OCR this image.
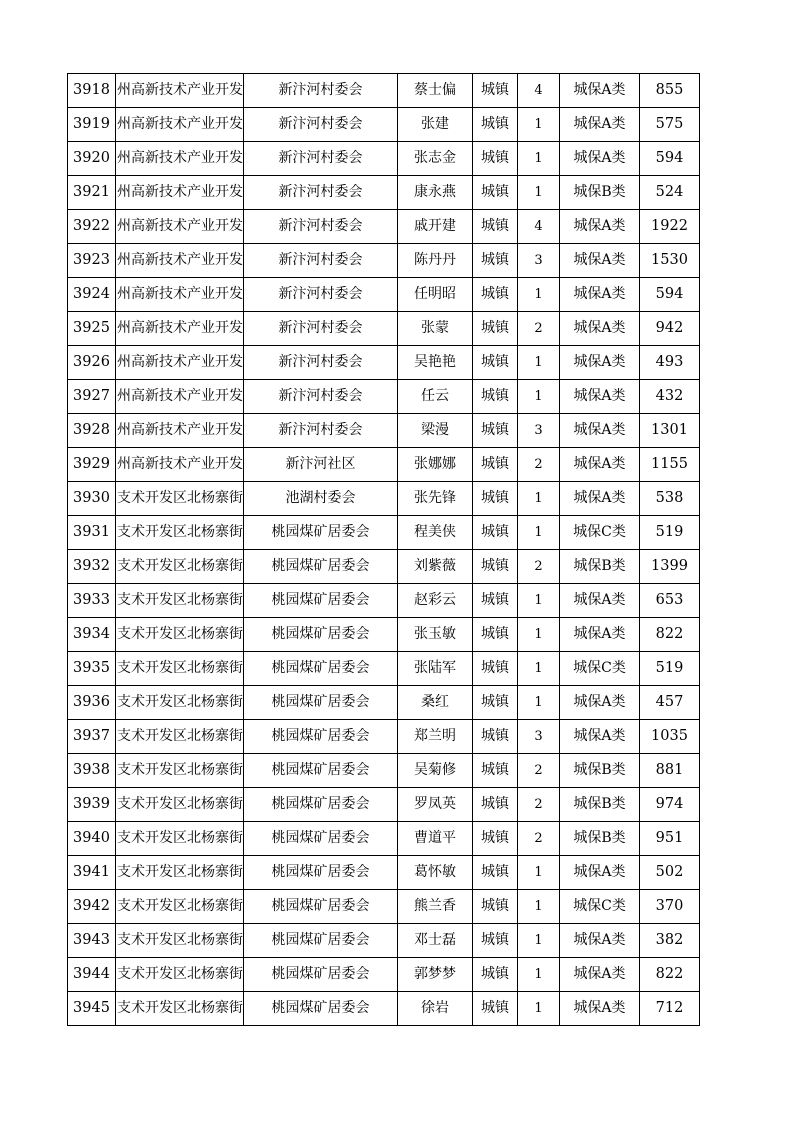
3918	州高新技术产业开发	新汴河村委会	蔡士偏	城镇	4	城保A类	855
3919	州高新技术产业开发	新汴河村委会	张建	城镇	1	城保A类	575
3920	州高新技术产业开发	新汴河村委会	张志金	城镇	1	城保A类	594
3921	州高新技术产业开发	新汴河村委会	康永燕	城镇	1	城保B类	524
3922	州高新技术产业开发	新汴河村委会	戚开建	城镇	4	城保A类	1922
3923	州高新技术产业开发	新汴河村委会	陈丹丹	城镇	3	城保A类	1530
3924	州高新技术产业开发	新汴河村委会	任明昭	城镇	1	城保A类	594
3925	州高新技术产业开发	新汴河村委会	张蒙	城镇	2	城保A类	942
3926	州高新技术产业开发	新汴河村委会	吴艳艳	城镇	1	城保A类	493
3927	州高新技术产业开发	新汴河村委会	任云	城镇	1	城保A类	432
3928	州高新技术产业开发	新汴河村委会	梁漫	城镇	3	城保A类	1301
3929	州高新技术产业开发	新汴河社区	张娜娜	城镇	2	城保A类	1155
3930	支术开发区北杨寨街	池湖村委会	张先锋	城镇	1	城保A类	538
3931	支术开发区北杨寨街	桃园煤矿居委会	程美侠	城镇	1	城保C类	519
3932	支术开发区北杨寨街	桃园煤矿居委会	刘紫薇	城镇	2	城保B类	1399
3933	支术开发区北杨寨街	桃园煤矿居委会	赵彩云	城镇	1	城保A类	653
3934	支术开发区北杨寨街	桃园煤矿居委会	张玉敏	城镇	1	城保A类	822
3935	支术开发区北杨寨街	桃园煤矿居委会	张陆军	城镇	1	城保C类	519
3936	支术开发区北杨寨街	桃园煤矿居委会	桑红	城镇	1	城保A类	457
3937	支术开发区北杨寨街	桃园煤矿居委会	郑兰明	城镇	3	城保A类	1035
3938	支术开发区北杨寨街	桃园煤矿居委会	吴菊修	城镇	2	城保B类	881
3939	支术开发区北杨寨街	桃园煤矿居委会	罗凤英	城镇	2	城保B类	974
3940	支术开发区北杨寨街	桃园煤矿居委会	曹道平	城镇	2	城保B类	951
3941	支术开发区北杨寨街	桃园煤矿居委会	葛怀敏	城镇	1	城保A类	502
3942	支术开发区北杨寨街	桃园煤矿居委会	熊兰香	城镇	1	城保C类	370
3943	支术开发区北杨寨街	桃园煤矿居委会	邓士磊	城镇	1	城保A类	382
3944	支术开发区北杨寨街	桃园煤矿居委会	郭梦梦	城镇	1	城保A类	822
3945	支术开发区北杨寨街	桃园煤矿居委会	徐岩	城镇	1	城保A类	712
